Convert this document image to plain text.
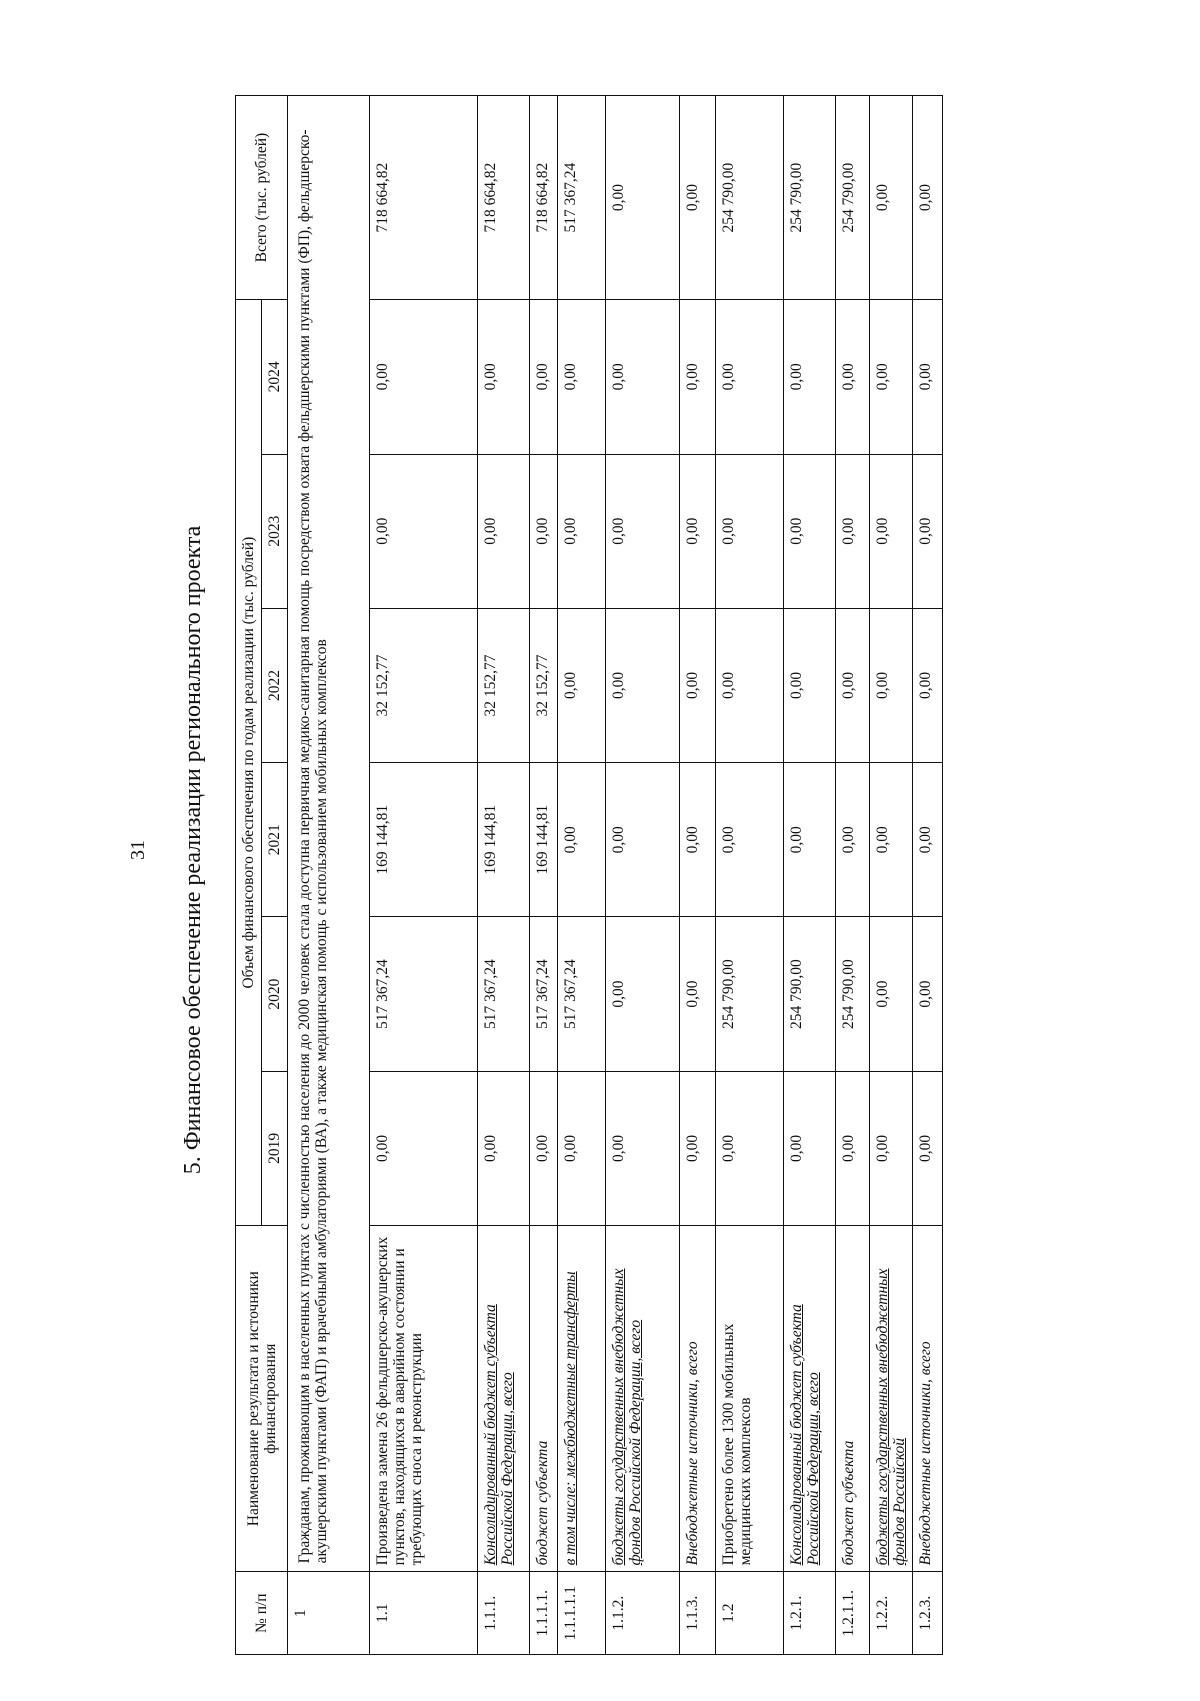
31 5. Финансовое обеспечение реализации регионального проекта
№ п/п	Наименование результата и источники финансирования	Объем финансового обеспечения по годам реализации (тыс. рублей)						Всего (тыс. рублей)
		2019	2020	2021	2022	2023	2024	
1	Гражданам, проживающим в населенных пунктах с численностью населения до 2000 человек стала доступна первичная медико-санитарная помощь посредством охвата фельдшерскими пунктами (ФП), фельдшерско-акушерскими пунктами (ФАП) и врачебными амбулаториями (ВА), а также медицинская помощь с использованием мобильных комплексов							
1.1	Произведена замена 26 фельдшерско-акушерских пунктов, находящихся в аварийном состоянии и требующих сноса и реконструкции	0,00	517 367,24	169 144,81	32 152,77	0,00	0,00	718 664,82
1.1.1.	Консолидированный бюджет субъекта Российской Федерации, всего	0,00	517 367,24	169 144,81	32 152,77	0,00	0,00	718 664,82
1.1.1.1.	бюджет субъекта	0,00	517 367,24	169 144,81	32 152,77	0,00	0,00	718 664,82
1.1.1.1.1	в том числе: межбюджетные трансферты	0,00	517 367,24	0,00	0,00	0,00	0,00	517 367,24
1.1.2.	бюджеты государственных внебюджетных фондов Российской Федерации, всего	0,00	0,00	0,00	0,00	0,00	0,00	0,00
1.1.3.	Внебюджетные источники, всего	0,00	0,00	0,00	0,00	0,00	0,00	0,00
1.2	Приобретено более 1300 мобильных медицинских комплексов	0,00	254 790,00	0,00	0,00	0,00	0,00	254 790,00
1.2.1.	Консолидированный бюджет субъекта Российской Федерации, всего	0,00	254 790,00	0,00	0,00	0,00	0,00	254 790,00
1.2.1.1.	бюджет субъекта	0,00	254 790,00	0,00	0,00	0,00	0,00	254 790,00
1.2.2.	бюджеты государственных внебюджетных фондов Российской	0,00	0,00	0,00	0,00	0,00	0,00	0,00
1.2.3.	Внебюджетные источники, всего	0,00	0,00	0,00	0,00	0,00	0,00	0,00
